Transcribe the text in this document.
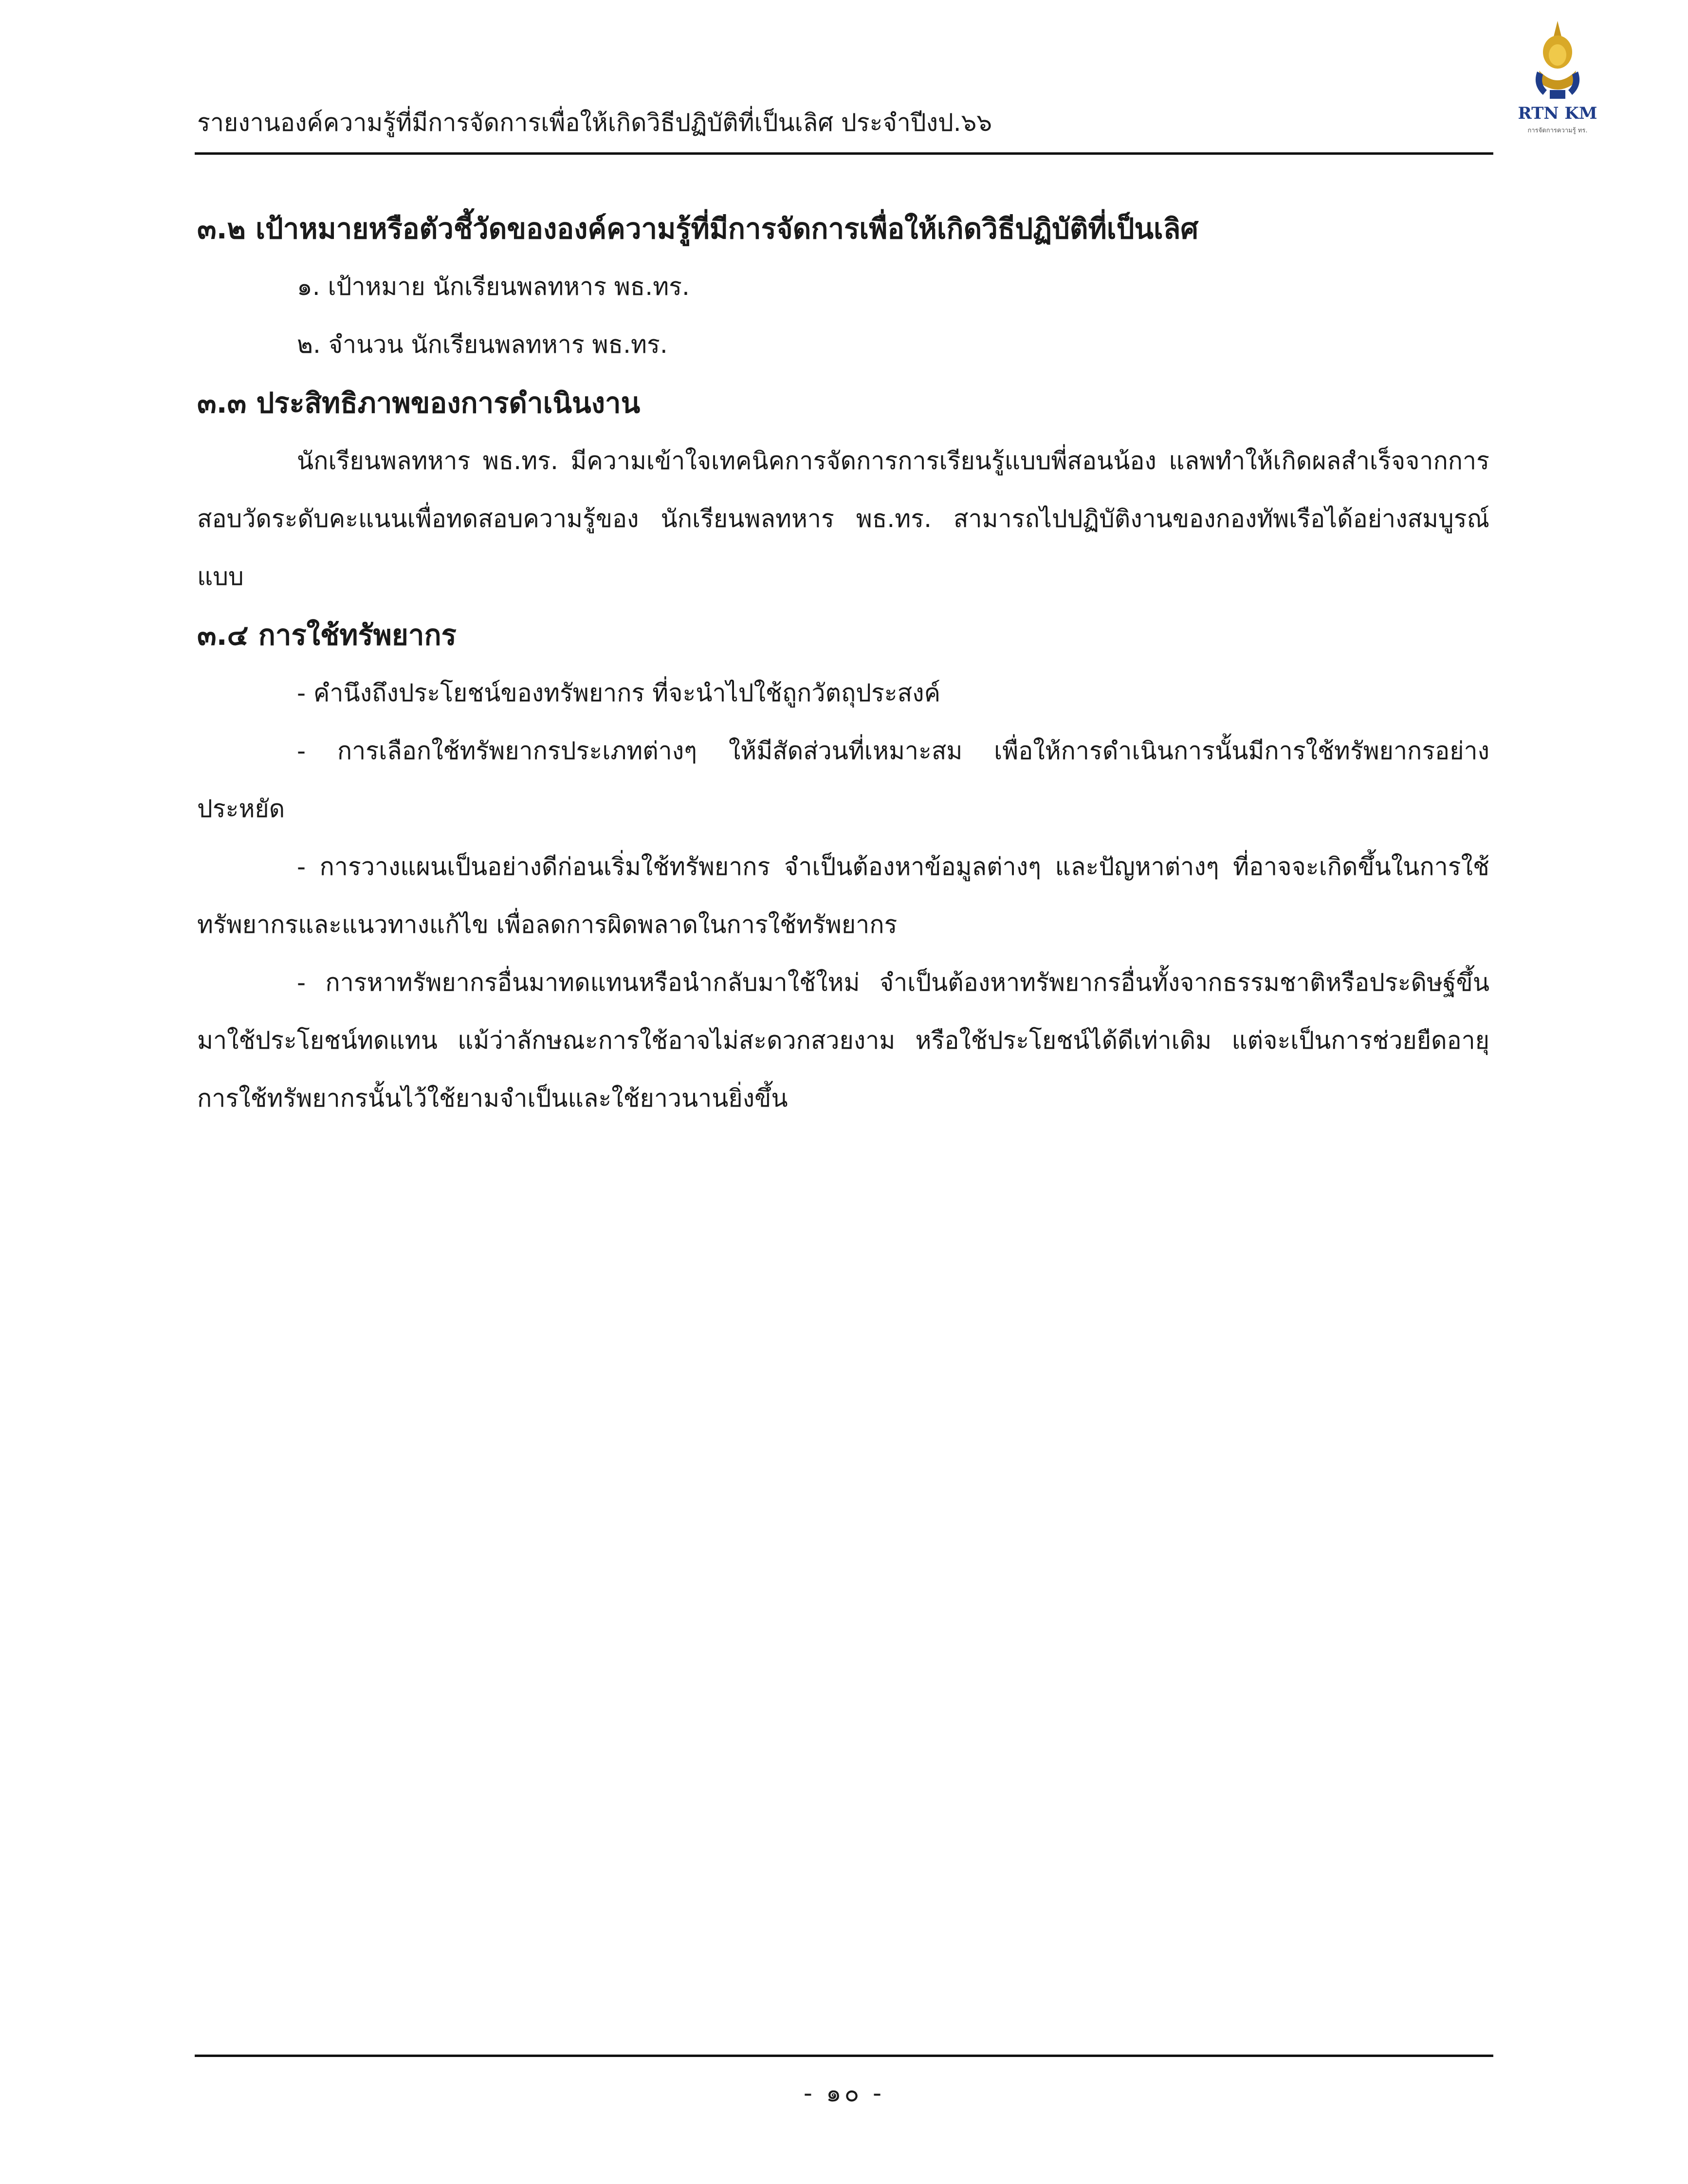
RTN KM
การจัดการความรู้ ทร.
รายงานองค์ความรู้ที่มีการจัดการเพื่อให้เกิดวิธีปฏิบัติที่เป็นเลิศ ประจำปีงป.๖๖
๓.๒ เป้าหมายหรือตัวชี้วัดขององค์ความรู้ที่มีการจัดการเพื่อให้เกิดวิธีปฏิบัติที่เป็นเลิศ

๑. เป้าหมาย นักเรียนพลทหาร พธ.ทร.

๒. จำนวน นักเรียนพลทหาร พธ.ทร.

๓.๓ ประสิทธิภาพของการดำเนินงาน

นักเรียนพลทหาร พธ.ทร. มีความเข้าใจเทคนิคการจัดการการเรียนรู้แบบพี่สอนน้อง แลพทำให้เกิดผลสำเร็จจากการสอบวัดระดับคะแนนเพื่อทดสอบความรู้ของ นักเรียนพลทหาร พธ.ทร. สามารถไปปฏิบัติงานของกองทัพเรือได้อย่างสมบูรณ์แบบ

๓.๔ การใช้ทรัพยากร

- คำนึงถึงประโยชน์ของทรัพยากร ที่จะนำไปใช้ถูกวัตถุประสงค์

- การเลือกใช้ทรัพยากรประเภทต่างๆ ให้มีสัดส่วนที่เหมาะสม เพื่อให้การดำเนินการนั้นมีการใช้ทรัพยากรอย่างประหยัด

- การวางแผนเป็นอย่างดีก่อนเริ่มใช้ทรัพยากร จำเป็นต้องหาข้อมูลต่างๆ และปัญหาต่างๆ ที่อาจจะเกิดขึ้นในการใช้ทรัพยากรและแนวทางแก้ไข เพื่อลดการผิดพลาดในการใช้ทรัพยากร

- การหาทรัพยากรอื่นมาทดแทนหรือนำกลับมาใช้ใหม่ จำเป็นต้องหาทรัพยากรอื่นทั้งจากธรรมชาติหรือประดิษฐ์ขึ้นมาใช้ประโยชน์ทดแทน แม้ว่าลักษณะการใช้อาจไม่สะดวกสวยงาม หรือใช้ประโยชน์ได้ดีเท่าเดิม แต่จะเป็นการช่วยยืดอายุการใช้ทรัพยากรนั้นไว้ใช้ยามจำเป็นและใช้ยาวนานยิ่งขึ้น

- ๑๐ -
